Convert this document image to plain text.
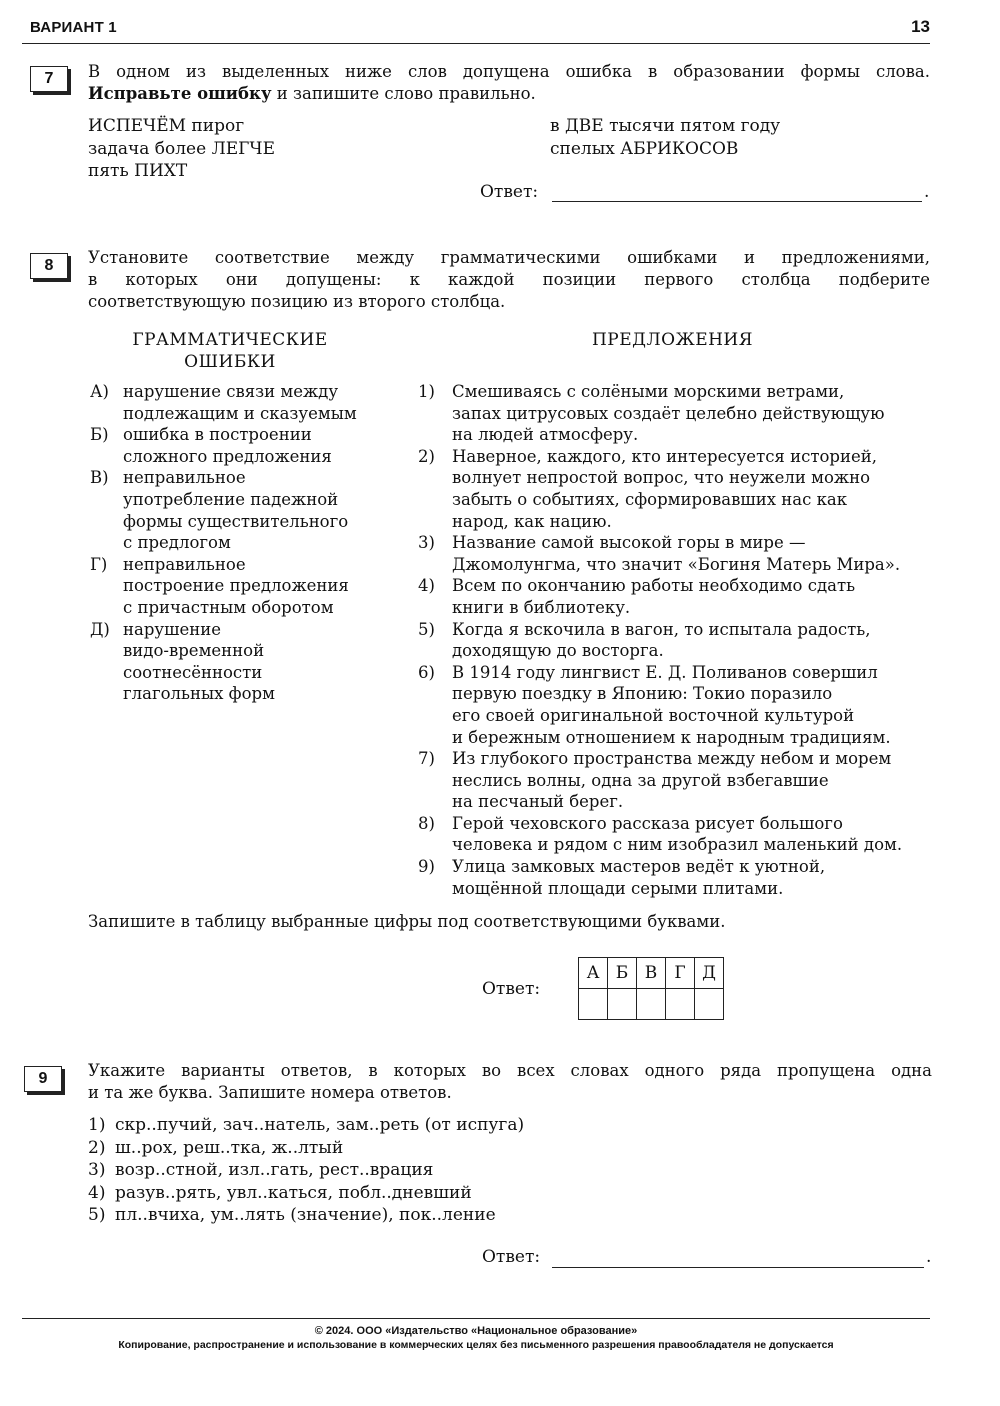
ВАРИАНТ 1	13
7	В одном из выделенных ниже слов допущена ошибка в образовании формы слова.
Исправьте ошибку и запишите слово правильно.
ИСПЕЧЁМ пирог
задача более ЛЕГЧЕ
пять ПИХТ
в ДВЕ тысячи пятом году
спелых АБРИКОСОВ
Ответ:	.
8	Установите соответствие между грамматическими ошибками и предложениями,
в которых они допущены: к каждой позиции первого столбца подберите
соответствующую позицию из второго столбца.
ГРАММАТИЧЕСКИЕ
ОШИБКИ
ПРЕДЛОЖЕНИЯ
А) нарушение связи между
подлежащим и сказуемым
Б) ошибка в построении
сложного предложения
В) неправильное
употребление падежной
формы существительного
с предлогом
Г) неправильное
построение предложения
с причастным оборотом
Д) нарушение
видо-временной
соотнесённости
глагольных форм
1) Смешиваясь с солёными морскими ветрами,
запах цитрусовых создаёт целебно действующую
на людей атмосферу.
2) Наверное, каждого, кто интересуется историей,
волнует непростой вопрос, что неужели можно
забыть о событиях, сформировавших нас как
народ, как нацию.
3) Название самой высокой горы в мире —
Джомолунгма, что значит «Богиня Матерь Мира».
4) Всем по окончанию работы необходимо сдать
книги в библиотеку.
5) Когда я вскочила в вагон, то испытала радость,
доходящую до восторга.
6) В 1914 году лингвист Е. Д. Поливанов совершил
первую поездку в Японию: Токио поразило
его своей оригинальной восточной культурой
и бережным отношением к народным традициям.
7) Из глубокого пространства между небом и морем
неслись волны, одна за другой взбегавшие
на песчаный берег.
8) Герой чеховского рассказа рисует большого
человека и рядом с ним изобразил маленький дом.
9) Улица замковых мастеров ведёт к уютной,
мощённой площади серыми плитами.
Запишите в таблицу выбранные цифры под соответствующими буквами.
Ответ:
А	Б	В	Г	Д

9	Укажите варианты ответов, в которых во всех словах одного ряда пропущена одна
и та же буква. Запишите номера ответов.
1) скр..пучий, зач..натель, зам..реть (от испуга)
2) ш..рох, реш..тка, ж..лтый
3) возр..стной, изл..гать, рест..врация
4) разув..рять, увл..каться, побл..дневший
5) пл..вчиха, ум..лять (значение), пок..ление
Ответ:	.
© 2024. ООО «Издательство «Национальное образование»
Копирование, распространение и использование в коммерческих целях без письменного разрешения правообладателя не допускается
